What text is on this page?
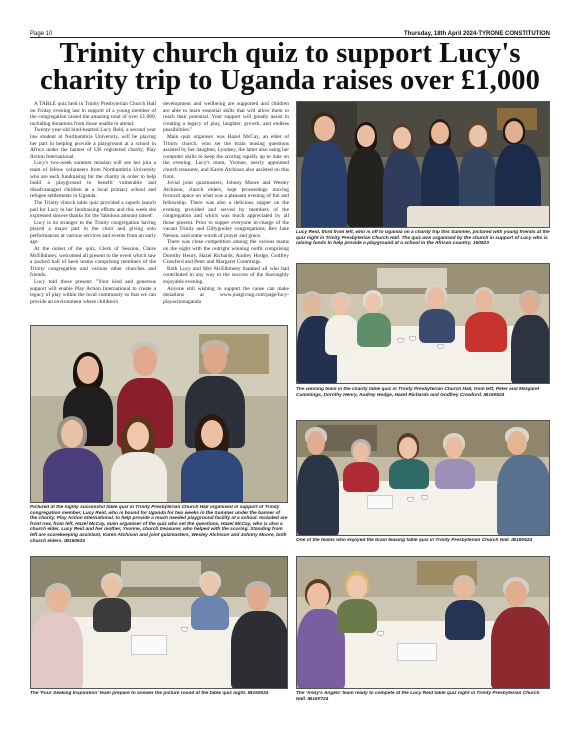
Page 10	Thursday, 18th April 2024-TYRONE CONSTITUTION
Trinity church quiz to support Lucy's charity trip to Uganda raises over £1,000

A TABLE quiz held in Trinity Presbyterian Church Hall on Friday evening last in support of a young member of the congregation raised the amazing total of over £1,000, including donations from those unable to attend.

Twenty-year-old bind-hearted Lucy Reid, a second year law student at Northumbria University, will be playing her part in helping provide a playground at a school in Africa under the banner of UK registered charity, Play Action International.

Lucy's two-week summer mission will see her join a team of fellow volunteers from Northumbria University who are each fundraising for the charity in order to help build a playground to benefit vulnerable and disadvantaged children at a local primary school and refugee settlements in Uganda.

The Trinity church table quiz provided a superb launch pad for Lucy in her fundraising efforts and this week she expressed sincere thanks for the 'fabulous amount raised'.

Lucy is no stranger to the Trinity congregation having played a major part in the choir and giving solo performances at various services and events from an early age.

At the outset of the quiz, Clerk of Session, Claire McElhinney, welcomed all present to the event which saw a packed hall of keen teams comprising members of the Trinity congregation and various other churches and friends.

Lucy told those present: "Your kind and generous support will enable Play Action International to create a legacy of play within the local community so that we can provide an environment where children's

development and wellbeing are supported and children are able to learn essential skills that will allow them to reach their potential. Your support will greatly assist in creating a legacy of play, laughter, growth, and endless possibilities."

Main quiz organiser was Hazel McCay, an elder of Trinity church, who set the brain teasing questions assisted by her daughter, Lyndsey, the latter also using her computer skills to keep the scoring rapidly up to date on the evening. Lucy's mum, Yvonne, newly appointed church treasurer, and Karen Atchison also assisted on this front.

Jovial joint quizmasters, Johnny Moore and Wesley Atchison, church elders, kept proceedings moving forward apace on what was a pleasant evening of fun and fellowship. There was also a delicious supper on the evening provided and served by members of the congregation and which was much appreciated by all those present. Prior to supper everyone in-charge of the vacant Trinity and Gillygooley congregations, Rev Jane Nelson, said some words of prayer and grace.

There was close competition among the various teams on the night with the outright winning outfit comprising Dorothy Henry, Hazel Richards, Audrey Hodge, Godfrey Crawford and Peter and Margaret Cummings.

Both Lucy and Mrs McElhinney thanked all who had contributed in any way to the success of the thoroughly enjoyable evening.

Anyone still wishing to support the cause can make donations at www.justgiving.com/page/lucy-playactionuganda

Lucy Reid, third from left, who is off to Uganda on a charity trip this Summer, pictured with young friends at the quiz night in Trinity Presbyterian Church Hall. The quiz was organised by the church in support of Lucy who is raising funds to help provide a playground at a school in the African country. 160523
The winning team in the charity table quiz in Trinity Presbyterian Church Hall, from left, Peter and Margaret Cummings, Dorothy Henry, Audrey Hodge, Hazel Richards and Godfrey Crawford. IB160524
Pictured at the highly successful table quiz in Trinity Presbyterian Church Hall organised in support of Trinity congregation member, Lucy Reid, who is bound for Uganda for two weeks in the Summer under the banner of the charity, Play Action International, to help provide a much needed playground facility at a school. Included are front row, from left, Hazel McCay, main organiser of the quiz who set the questions, Hazel McCay, who is also a church elder, Lucy Reid and her mother, Yvonne, church treasurer, who helped with the scoring. Standing from left are scorekeeping assistant, Karen Atchison and joint quizmasters, Wesley Atchison and Johnny Moore, both church elders. IB160624	One of the teams who enjoyed the brain teasing table quiz in Trinity Presbyterian Church Hall. IB160624
The 'Four Seaking Inspiration' team prepare to answer the picture round at the table quiz night. IB160524	The 'Andy's Angels' team ready to compete at the Lucy Reid table quiz night in Trinity Presbyterian Church Hall. IB160724
